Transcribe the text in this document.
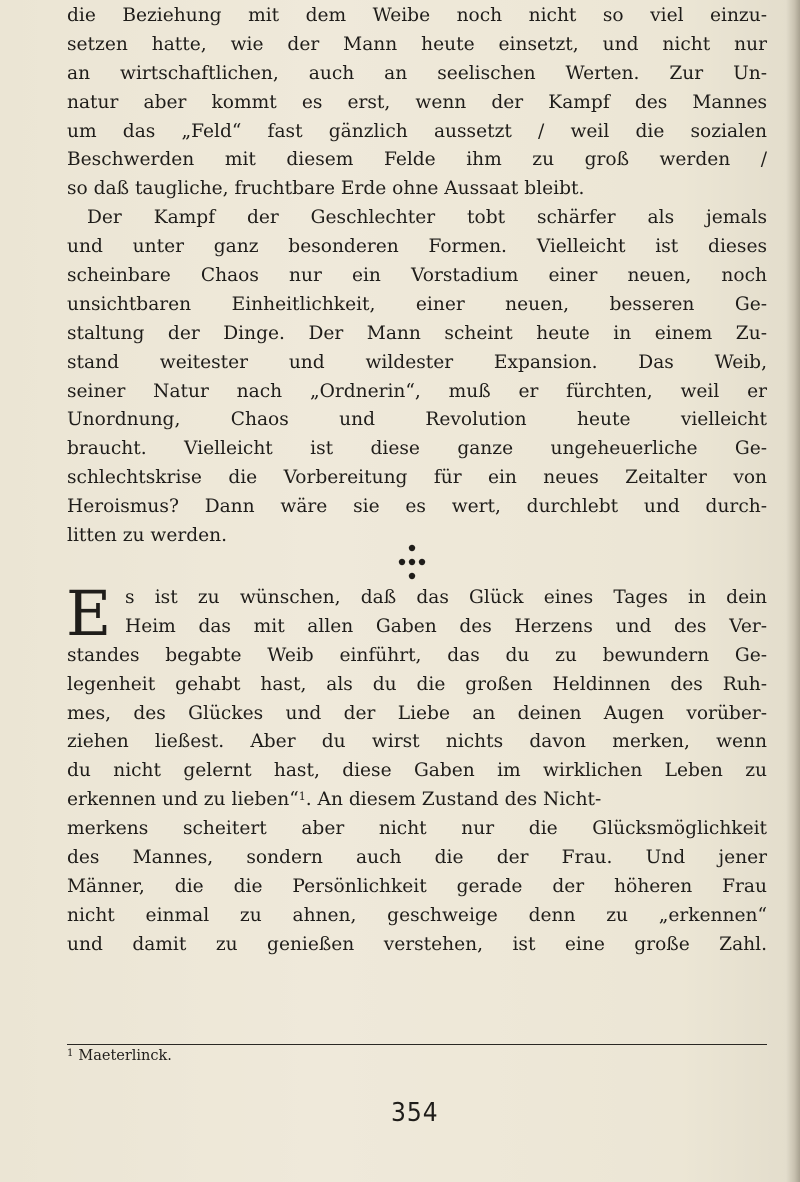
die Beziehung mit dem Weibe noch nicht so viel einzu-
setzen hatte, wie der Mann heute einsetzt, und nicht nur
an wirtschaftlichen, auch an seelischen Werten. Zur Un-
natur aber kommt es erst, wenn der Kampf des Mannes
um das „Feld“ fast gänzlich aussetzt / weil die sozialen
Beschwerden mit diesem Felde ihm zu groß werden /
so daß taugliche, fruchtbare Erde ohne Aussaat bleibt.
Der Kampf der Geschlechter tobt schärfer als jemals
und unter ganz besonderen Formen. Vielleicht ist dieses
scheinbare Chaos nur ein Vorstadium einer neuen, noch
unsichtbaren Einheitlichkeit, einer neuen, besseren Ge-
staltung der Dinge. Der Mann scheint heute in einem Zu-
stand weitester und wildester Expansion. Das Weib,
seiner Natur nach „Ordnerin“, muß er fürchten, weil er
Unordnung, Chaos und Revolution heute vielleicht
braucht. Vielleicht ist diese ganze ungeheuerliche Ge-
schlechtskrise die Vorbereitung für ein neues Zeitalter von
Heroismus? Dann wäre sie es wert, durchlebt und durch-
litten zu werden.
E s ist zu wünschen, daß das Glück eines Tages in dein
Heim das mit allen Gaben des Herzens und des Ver-
standes begabte Weib einführt, das du zu bewundern Ge-
legenheit gehabt hast, als du die großen Heldinnen des Ruh-
mes, des Glückes und der Liebe an deinen Augen vorüber-
ziehen ließest. Aber du wirst nichts davon merken, wenn
du nicht gelernt hast, diese Gaben im wirklichen Leben zu
erkennen und zu lieben“$^1$. An diesem Zustand des Nicht-
merkens scheitert aber nicht nur die Glücksmöglichkeit
des Mannes, sondern auch die der Frau. Und jener
Männer, die die Persönlichkeit gerade der höheren Frau
nicht einmal zu ahnen, geschweige denn zu „erkennen“
und damit zu genießen verstehen, ist eine große Zahl.
$^1$ Maeterlinck.
354
